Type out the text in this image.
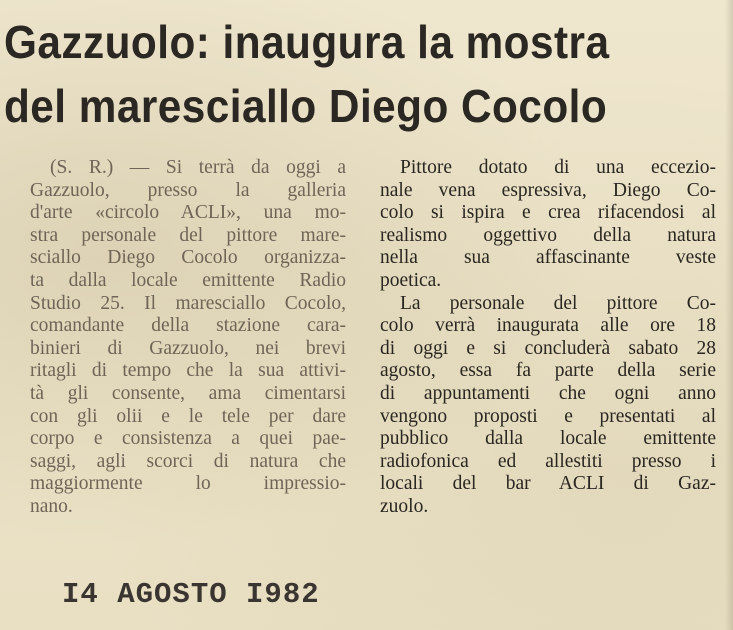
Gazzuolo: inaugura la mostra
del maresciallo Diego Cocolo
(S. R.) — Si terrà da oggi a
Gazzuolo, presso la galleria
d'arte «circolo ACLI», una mo-
stra personale del pittore mare-
sciallo Diego Cocolo organizza-
ta dalla locale emittente Radio
Studio 25. Il maresciallo Cocolo,
comandante della stazione cara-
binieri di Gazzuolo, nei brevi
ritagli di tempo che la sua attivi-
tà gli consente, ama cimentarsi
con gli olii e le tele per dare
corpo e consistenza a quei pae-
saggi, agli scorci di natura che
maggiormente lo impressio-
nano.
Pittore dotato di una eccezio-
nale vena espressiva, Diego Co-
colo si ispira e crea rifacendosi al
realismo oggettivo della natura
nella sua affascinante veste
poetica.
La personale del pittore Co-
colo verrà inaugurata alle ore 18
di oggi e si concluderà sabato 28
agosto, essa fa parte della serie
di appuntamenti che ogni anno
vengono proposti e presentati al
pubblico dalla locale emittente
radiofonica ed allestiti presso i
locali del bar ACLI di Gaz-
zuolo.
I4 AGOSTO I982
